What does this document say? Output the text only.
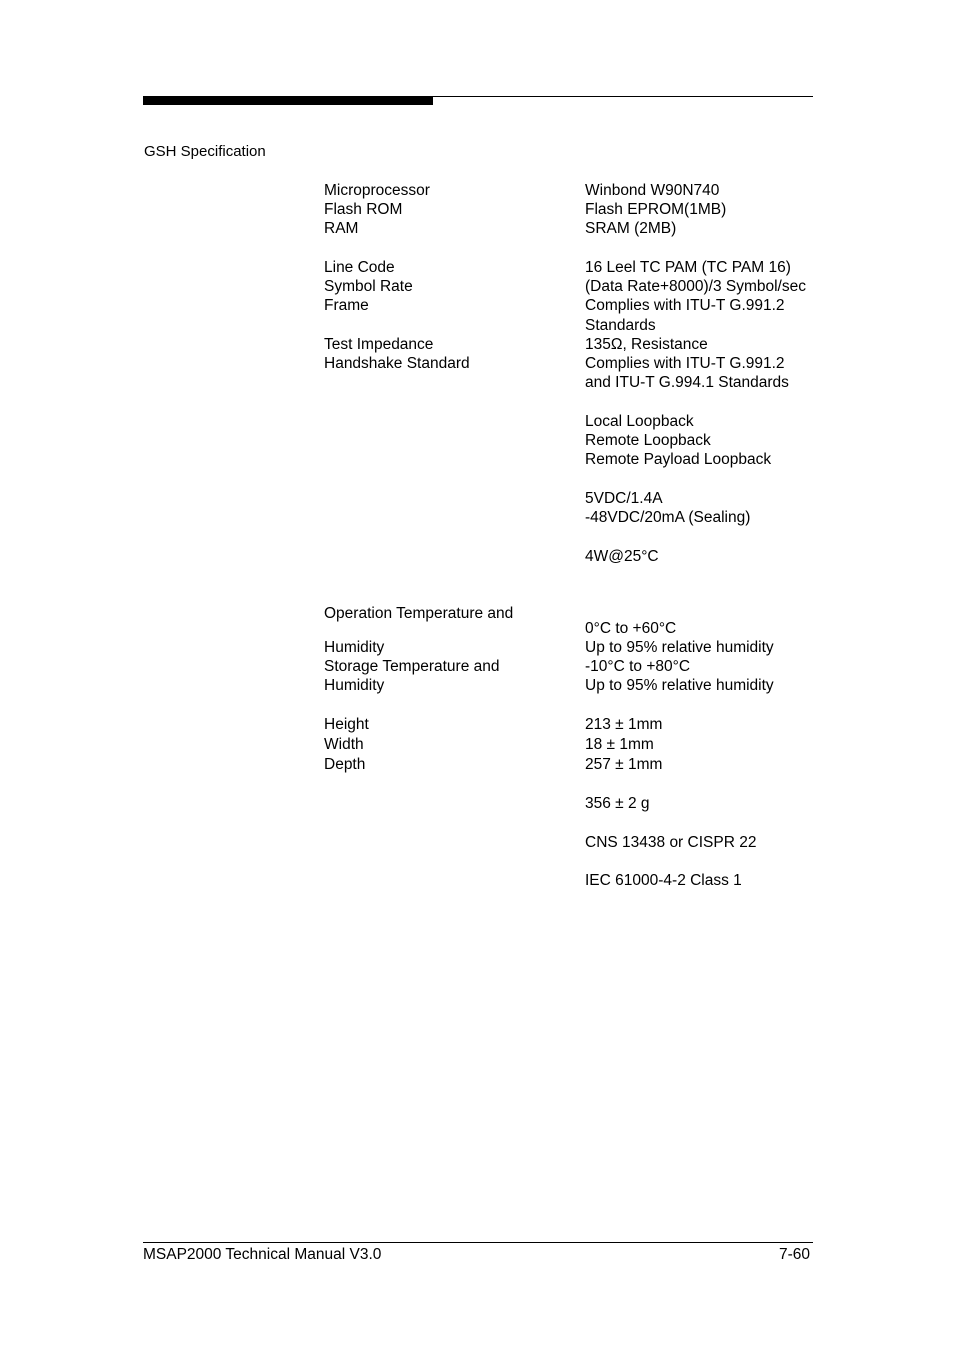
GSH Specification
Microprocessor
Flash ROM
RAM
Line Code
Symbol Rate
Frame
Test Impedance
Handshake Standard
Operation Temperature and
Humidity
Storage Temperature and
Humidity
Height
Width
Depth
Winbond W90N740
Flash EPROM(1MB)
SRAM (2MB)
16 Leel TC PAM (TC PAM 16)
(Data Rate+8000)/3 Symbol/sec
Complies with ITU-T G.991.2
Standards
135Ω, Resistance
Complies with ITU-T G.991.2
and ITU-T G.994.1 Standards
Local Loopback
Remote Loopback
Remote Payload Loopback
5VDC/1.4A
-48VDC/20mA (Sealing)
4W@25°C
0°C to +60°C
Up to 95% relative humidity
-10°C to +80°C
Up to 95% relative humidity
213 ± 1mm
18 ± 1mm
257 ± 1mm
356 ± 2 g
CNS 13438 or CISPR 22
IEC 61000-4-2 Class 1
MSAP2000 Technical Manual V3.0	7-60
